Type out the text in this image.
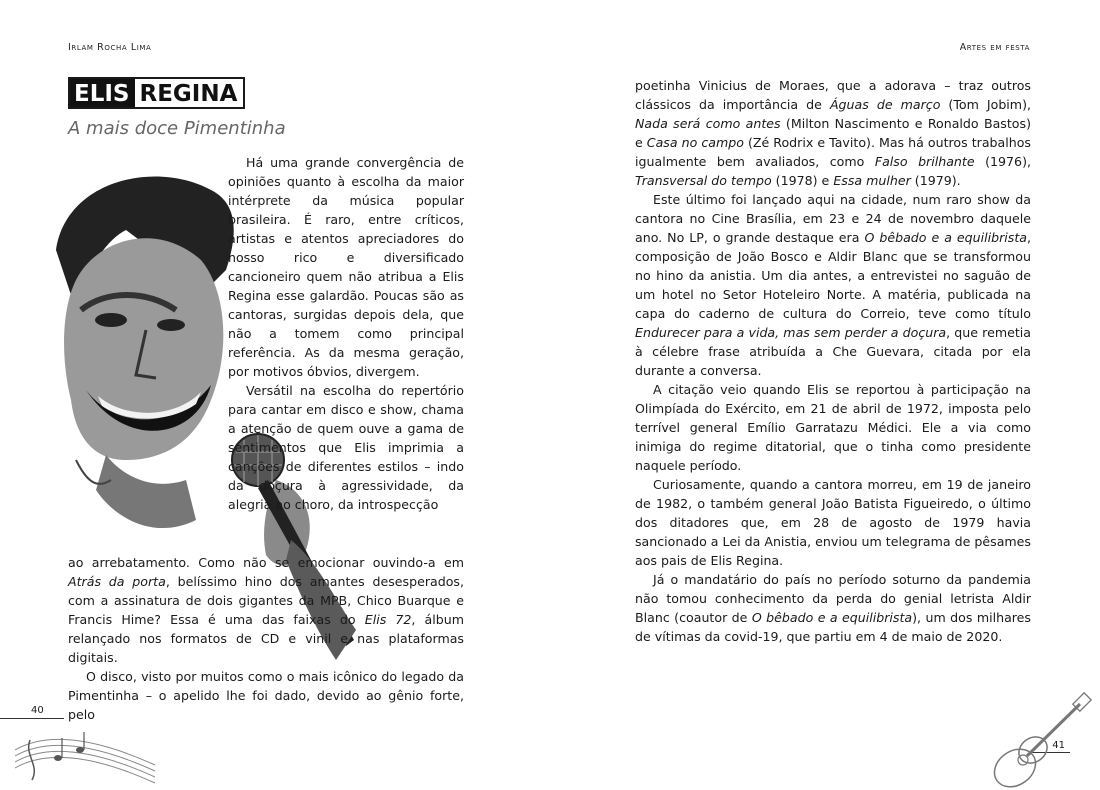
Irlam Rocha Lima
ELIS REGINA
A mais doce Pimentinha

Há uma grande convergência de opiniões quanto à escolha da maior intérprete da música popular brasileira. É raro, entre críticos, artistas e atentos apreciadores do nosso rico e diversificado cancioneiro quem não atribua a Elis Regina esse galardão. Poucas são as cantoras, surgidas depois dela, que não a tomem como principal referência. As da mesma geração, por motivos óbvios, divergem.

Versátil na escolha do repertório para cantar em disco e show, chama a atenção de quem ouve a gama de sentimentos que Elis imprimia a canções de diferentes estilos – indo da doçura à agressividade, da alegria ao choro, da introspecção

ao arrebatamento. Como não se emocionar ouvindo-a em Atrás da porta, belíssimo hino dos amantes desesperados, com a assinatura de dois gigantes da MPB, Chico Buarque e Francis Hime? Essa é uma das faixas do Elis 72, álbum relançado nos formatos de CD e vinil e nas plataformas digitais.

O disco, visto por muitos como o mais icônico do legado da Pimentinha – o apelido lhe foi dado, devido ao gênio forte, pelo

40
Artes em festa

poetinha Vinicius de Moraes, que a adorava – traz outros clássicos da importância de Águas de março (Tom Jobim), Nada será como antes (Milton Nascimento e Ronaldo Bastos) e Casa no campo (Zé Rodrix e Tavito). Mas há outros trabalhos igualmente bem avaliados, como Falso brilhante (1976), Transversal do tempo (1978) e Essa mulher (1979).

Este último foi lançado aqui na cidade, num raro show da cantora no Cine Brasília, em 23 e 24 de novembro daquele ano. No LP, o grande destaque era O bêbado e a equilibrista, composição de João Bosco e Aldir Blanc que se transformou no hino da anistia. Um dia antes, a entrevistei no saguão de um hotel no Setor Hoteleiro Norte. A matéria, publicada na capa do caderno de cultura do Correio, teve como título Endurecer para a vida, mas sem perder a doçura, que remetia à célebre frase atribuída a Che Guevara, citada por ela durante a conversa.

A citação veio quando Elis se reportou à participação na Olimpíada do Exército, em 21 de abril de 1972, imposta pelo terrível general Emílio Garratazu Médici. Ele a via como inimiga do regime ditatorial, que o tinha como presidente naquele período.

Curiosamente, quando a cantora morreu, em 19 de janeiro de 1982, o também general João Batista Figueiredo, o último dos ditadores que, em 28 de agosto de 1979 havia sancionado a Lei da Anistia, enviou um telegrama de pêsames aos pais de Elis Regina.

Já o mandatário do país no período soturno da pandemia não tomou conhecimento da perda do genial letrista Aldir Blanc (coautor de O bêbado e a equilibrista), um dos milhares de vítimas da covid-19, que partiu em 4 de maio de 2020.

41
